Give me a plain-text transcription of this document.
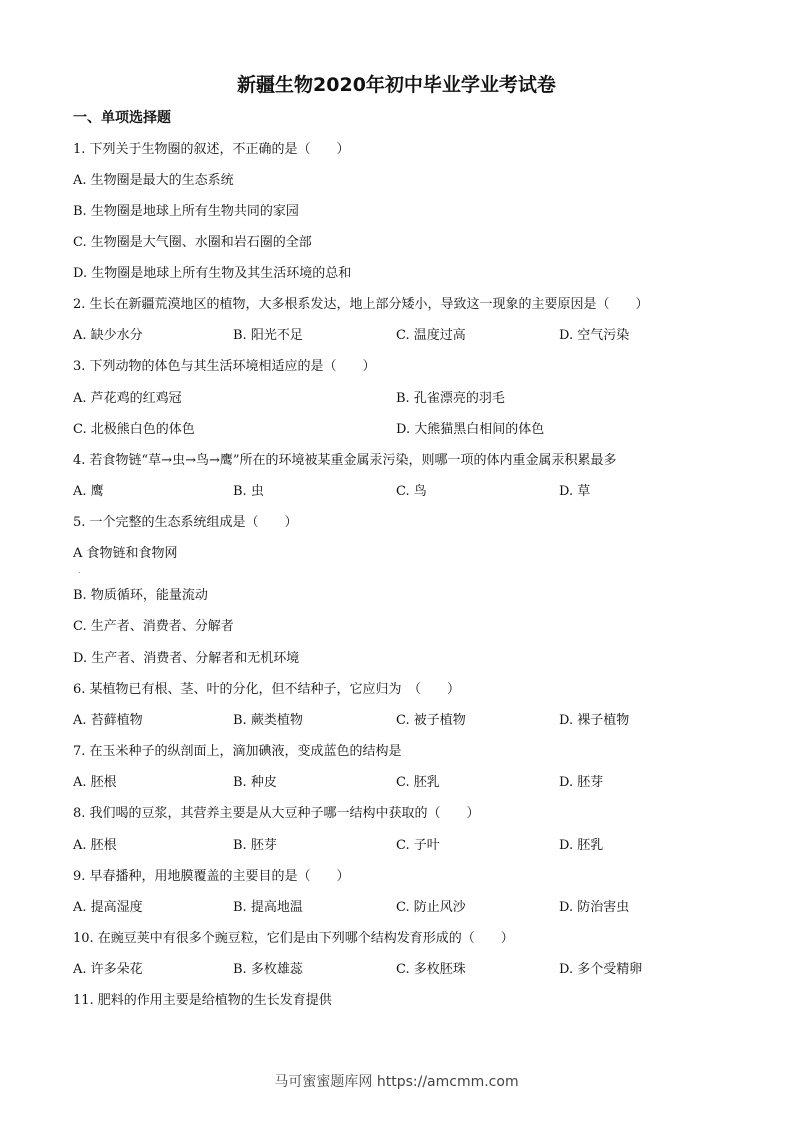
新疆生物2020年初中毕业学业考试卷
一、单项选择题
1. 下列关于生物圈的叙述，不正确的是（　　）
A. 生物圈是最大的生态系统
B. 生物圈是地球上所有生物共同的家园
C. 生物圈是大气圈、水圈和岩石圈的全部
D. 生物圈是地球上所有生物及其生活环境的总和
2. 生长在新疆荒漠地区的植物，大多根系发达，地上部分矮小，导致这一现象的主要原因是（　　）
A. 缺少水分	B. 阳光不足	C. 温度过高	D. 空气污染
3. 下列动物的体色与其生活环境相适应的是（　　）
A. 芦花鸡的红鸡冠	B. 孔雀漂亮的羽毛
C. 北极熊白色的体色	D. 大熊猫黑白相间的体色
4. 若食物链“草→虫→鸟→鹰”所在的环境被某重金属汞污染，则哪一项的体内重金属汞积累最多
A. 鹰	B. 虫	C. 鸟	D. 草
5. 一个完整的生态系统组成是（　　）
A 食物链和食物网
.
B. 物质循环，能量流动
C. 生产者、消费者、分解者
D. 生产者、消费者、分解者和无机环境
6. 某植物已有根、茎、叶的分化，但不结种子，它应归为　（　　）
A. 苔藓植物	B. 蕨类植物	C. 被子植物	D. 裸子植物
7. 在玉米种子的纵剖面上，滴加碘液，变成蓝色的结构是
A. 胚根	B. 种皮	C. 胚乳	D. 胚芽
8. 我们喝的豆浆，其营养主要是从大豆种子哪一结构中获取的（　　）
A. 胚根	B. 胚芽	C. 子叶	D. 胚乳
9. 早春播种，用地膜覆盖的主要目的是（　　）
A. 提高湿度	B. 提高地温	C. 防止风沙	D. 防治害虫
10. 在豌豆荚中有很多个豌豆粒，它们是由下列哪个结构发育形成的（　　）
A. 许多朵花	B. 多枚雄蕊	C. 多枚胚珠	D. 多个受精卵
11. 肥料的作用主要是给植物的生长发育提供
马可蜜蜜题库网 https://amcmm.com
